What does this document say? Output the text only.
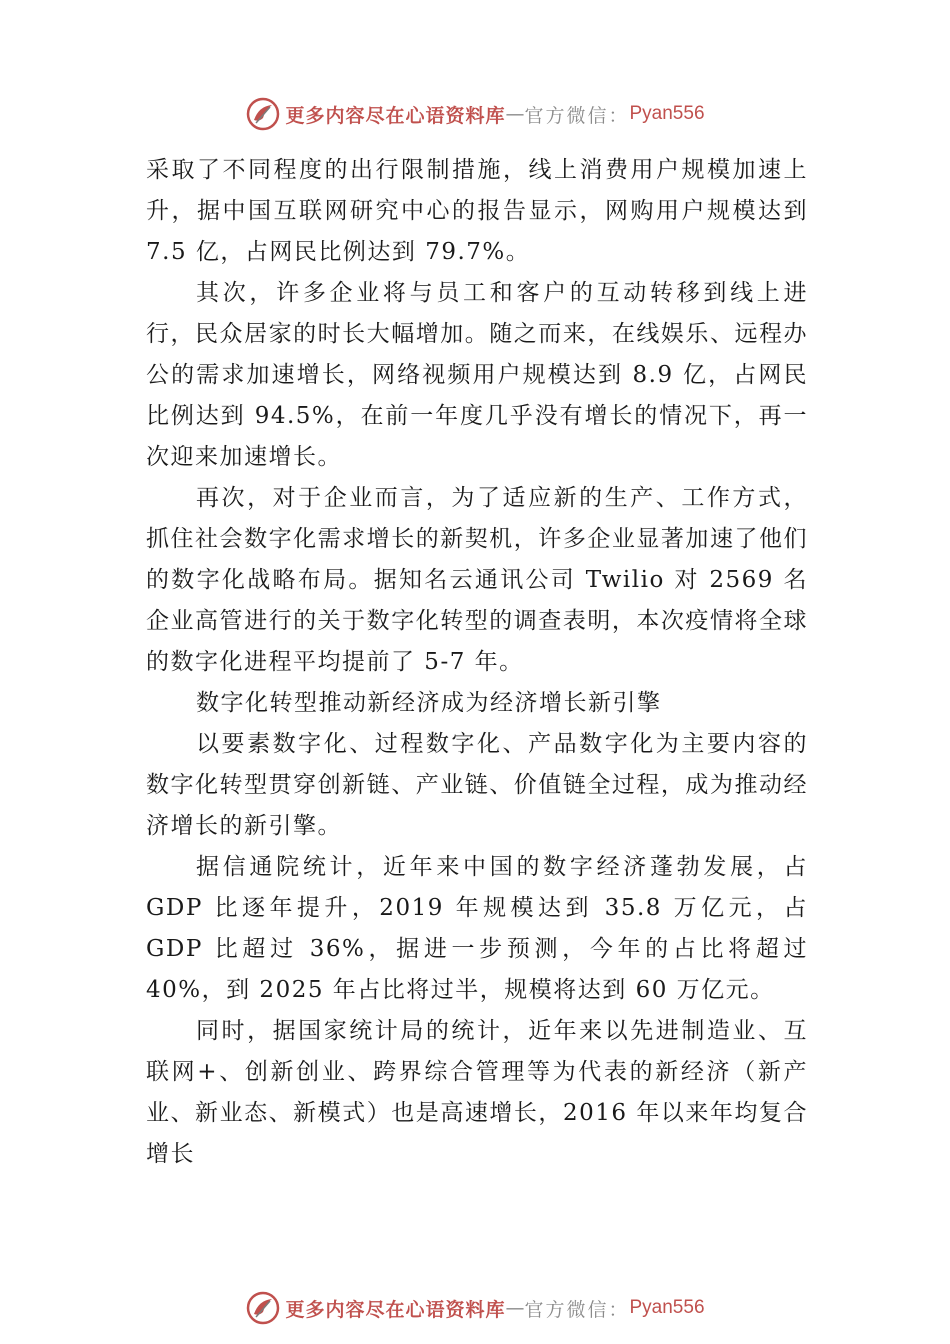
更多内容尽在心语资料库 — 官方微信： Pyan556

采取了不同程度的出行限制措施，线上消费用户规模加速上升，据中国互联网研究中心的报告显示，网购用户规模达到 7.5 亿，占网民比例达到 79.7%。

其次，许多企业将与员工和客户的互动转移到线上进行，民众居家的时长大幅增加。随之而来，在线娱乐、远程办公的需求加速增长，网络视频用户规模达到 8.9 亿，占网民比例达到 94.5%，在前一年度几乎没有增长的情况下，再一次迎来加速增长。

再次，对于企业而言，为了适应新的生产、工作方式，抓住社会数字化需求增长的新契机，许多企业显著加速了他们的数字化战略布局。据知名云通讯公司 Twilio 对 2569 名企业高管进行的关于数字化转型的调查表明，本次疫情将全球的数字化进程平均提前了 5-7 年。

数字化转型推动新经济成为经济增长新引擎

以要素数字化、过程数字化、产品数字化为主要内容的数字化转型贯穿创新链、产业链、价值链全过程，成为推动经济增长的新引擎。

据信通院统计，近年来中国的数字经济蓬勃发展，占 GDP 比逐年提升，2019 年规模达到 35.8 万亿元，占 GDP 比超过 36%，据进一步预测，今年的占比将超过 40%，到 2025 年占比将过半，规模将达到 60 万亿元。

同时，据国家统计局的统计，近年来以先进制造业、互联网+、创新创业、跨界综合管理等为代表的新经济（新产业、新业态、新模式）也是高速增长，2016 年以来年均复合增长

更多内容尽在心语资料库 — 官方微信： Pyan556
